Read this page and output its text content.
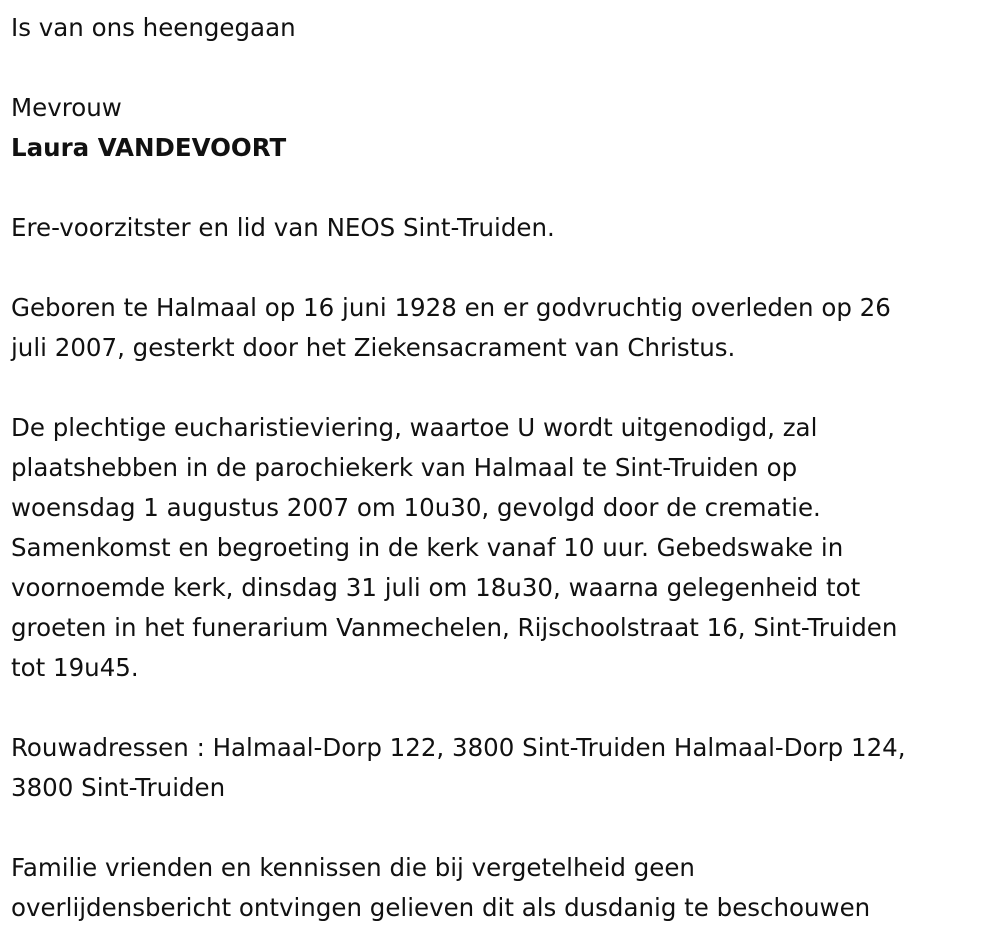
Is van ons heengegaan

Mevrouw

Laura VANDEVOORT

Ere-voorzitster en lid van NEOS Sint-Truiden.

Geboren te Halmaal op 16 juni 1928 en er godvruchtig overleden op 26

juli 2007, gesterkt door het Ziekensacrament van Christus.

De plechtige eucharistieviering, waartoe U wordt uitgenodigd, zal

plaatshebben in de parochiekerk van Halmaal te Sint-Truiden op

woensdag 1 augustus 2007 om 10u30, gevolgd door de crematie.

Samenkomst en begroeting in de kerk vanaf 10 uur. Gebedswake in

voornoemde kerk, dinsdag 31 juli om 18u30, waarna gelegenheid tot

groeten in het funerarium Vanmechelen, Rijschoolstraat 16, Sint-Truiden

tot 19u45.

Rouwadressen : Halmaal-Dorp 122, 3800 Sint-Truiden Halmaal-Dorp 124,

3800 Sint-Truiden

Familie vrienden en kennissen die bij vergetelheid geen

overlijdensbericht ontvingen gelieven dit als dusdanig te beschouwen
